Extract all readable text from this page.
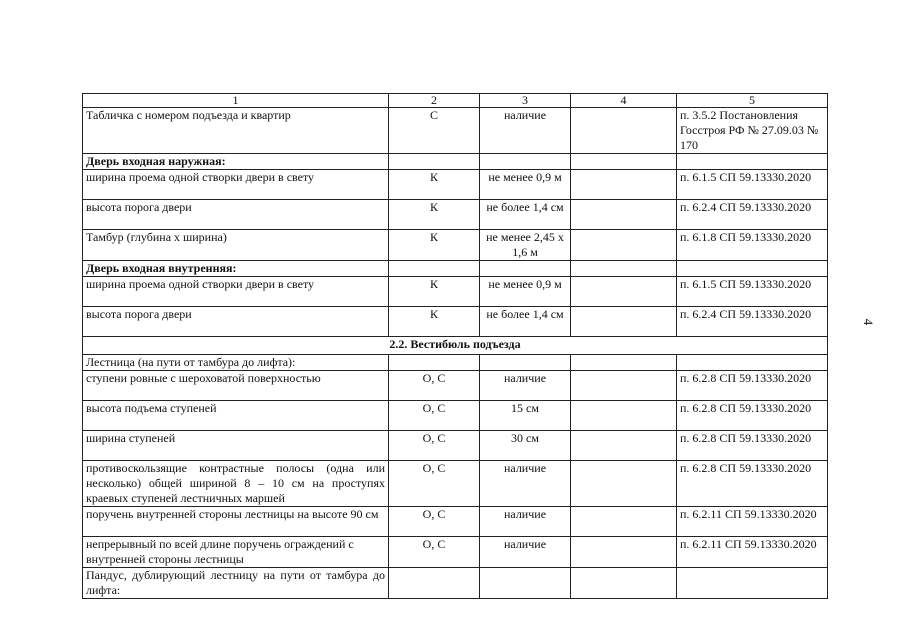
1	2	3	4	5
Табличка с номером подъезда и квартир	С	наличие		п. 3.5.2 Постановления Госстроя РФ № 27.09.03 № 170
Дверь входная наружная:				
ширина проема одной створки двери в свету	К	не менее 0,9 м		п. 6.1.5 СП 59.13330.2020
высота порога двери	К	не более 1,4 см		п. 6.2.4 СП 59.13330.2020
Тамбур (глубина х ширина)	К	не менее 2,45 х 1,6 м		п. 6.1.8 СП 59.13330.2020
Дверь входная внутренняя:				
ширина проема одной створки двери в свету	К	не менее 0,9 м		п. 6.1.5 СП 59.13330.2020
высота порога двери	К	не более 1,4 см		п. 6.2.4 СП 59.13330.2020
2.2. Вестибюль подъезда				
Лестница (на пути от тамбура до лифта):				
ступени ровные с шероховатой поверхностью	О, С	наличие		п. 6.2.8 СП 59.13330.2020
высота подъема ступеней	О, С	15 см		п. 6.2.8 СП 59.13330.2020
ширина ступеней	О, С	30 см		п. 6.2.8 СП 59.13330.2020
противоскользящие контрастные полосы (одна или несколько) общей шириной 8 – 10 см на проступях краевых ступеней лестничных маршей	О, С	наличие		п. 6.2.8 СП 59.13330.2020
поручень внутренней стороны лестницы на высоте 90 см	О, С	наличие		п. 6.2.11 СП 59.13330.2020
непрерывный по всей длине поручень ограждений с внутренней стороны лестницы	О, С	наличие		п. 6.2.11 СП 59.13330.2020
Пандус, дублирующий лестницу на пути от тамбура до лифта:				
4
